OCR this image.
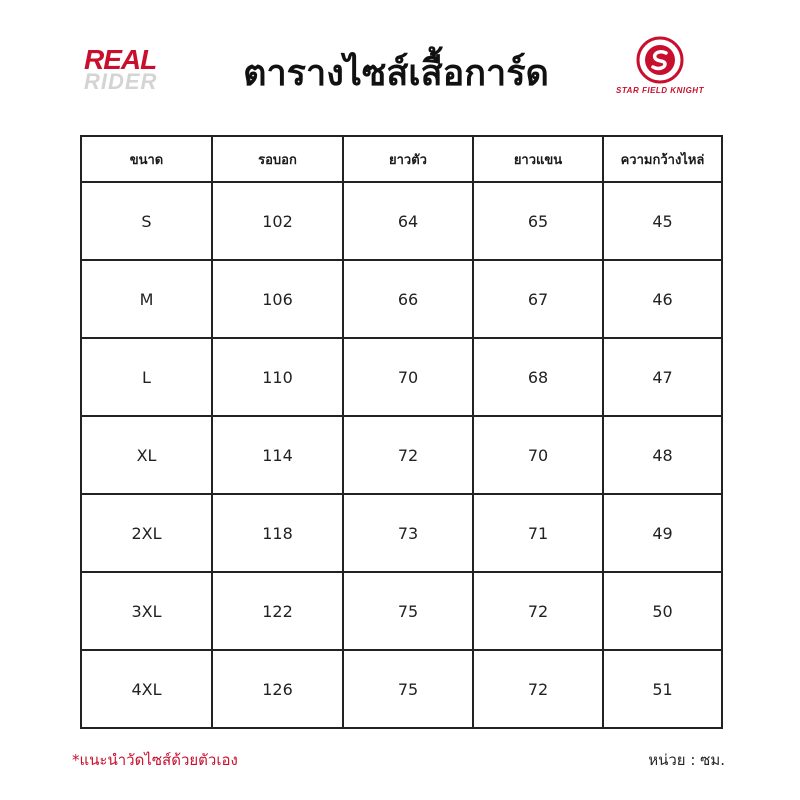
REAL
RIDER	ตารางไซส์เสื้อการ์ด	STAR FIELD KNIGHT
ขนาด	รอบอก	ยาวตัว	ยาวแขน	ความกว้างไหล่
S	102	64	65	45
M	106	66	67	46
L	110	70	68	47
XL	114	72	70	48
2XL	118	73	71	49
3XL	122	75	72	50
4XL	126	75	72	51
*แนะนำวัดไซส์ด้วยตัวเอง	หน่วย : ซม.
